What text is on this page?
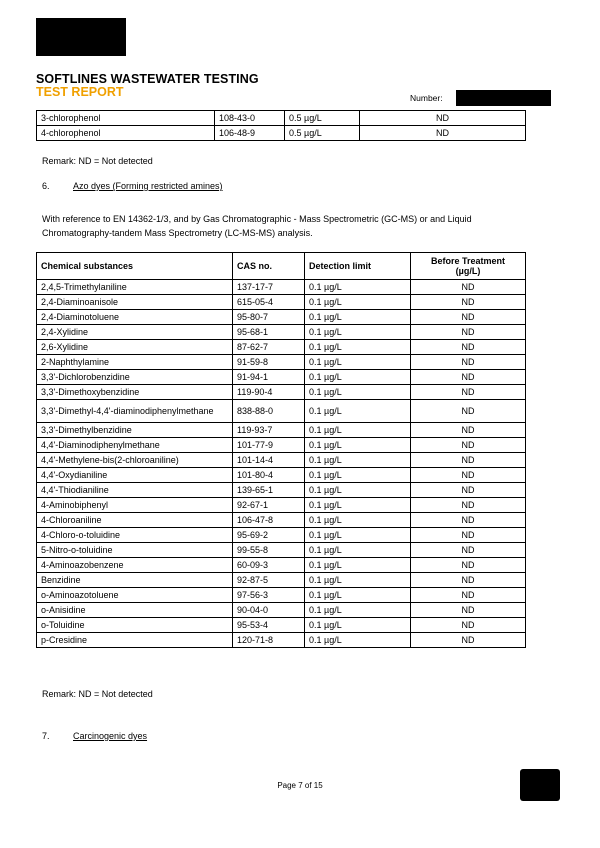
SOFTLINES WASTEWATER TESTING
TEST REPORT	Number:
3-chlorophenol	108-43-0	0.5 µg/L	ND
4-chlorophenol	106-48-9	0.5 µg/L	ND
Remark: ND = Not detected
6.	Azo dyes (Forming restricted amines)
With reference to EN 14362-1/3, and by Gas Chromatographic - Mass Spectrometric (GC-MS) or and Liquid Chromatography-tandem Mass Spectrometry (LC-MS-MS) analysis.
Chemical substances	CAS no.	Detection limit	Before Treatment
(µg/L)
2,4,5-Trimethylaniline	137-17-7	0.1 µg/L	ND
2,4-Diaminoanisole	615-05-4	0.1 µg/L	ND
2,4-Diaminotoluene	95-80-7	0.1 µg/L	ND
2,4-Xylidine	95-68-1	0.1 µg/L	ND
2,6-Xylidine	87-62-7	0.1 µg/L	ND
2-Naphthylamine	91-59-8	0.1 µg/L	ND
3,3'-Dichlorobenzidine	91-94-1	0.1 µg/L	ND
3,3'-Dimethoxybenzidine	119-90-4	0.1 µg/L	ND
3,3'-Dimethyl-4,4'-diaminodiphenylmethane	838-88-0	0.1 µg/L	ND
3,3'-Dimethylbenzidine	119-93-7	0.1 µg/L	ND
4,4'-Diaminodiphenylmethane	101-77-9	0.1 µg/L	ND
4,4'-Methylene-bis(2-chloroaniline)	101-14-4	0.1 µg/L	ND
4,4'-Oxydianiline	101-80-4	0.1 µg/L	ND
4,4'-Thiodianiline	139-65-1	0.1 µg/L	ND
4-Aminobiphenyl	92-67-1	0.1 µg/L	ND
4-Chloroaniline	106-47-8	0.1 µg/L	ND
4-Chloro-o-toluidine	95-69-2	0.1 µg/L	ND
5-Nitro-o-toluidine	99-55-8	0.1 µg/L	ND
4-Aminoazobenzene	60-09-3	0.1 µg/L	ND
Benzidine	92-87-5	0.1 µg/L	ND
o-Aminoazotoluene	97-56-3	0.1 µg/L	ND
o-Anisidine	90-04-0	0.1 µg/L	ND
o-Toluidine	95-53-4	0.1 µg/L	ND
p-Cresidine	120-71-8	0.1 µg/L	ND
Remark: ND = Not detected
7.	Carcinogenic dyes
Page 7 of 15
